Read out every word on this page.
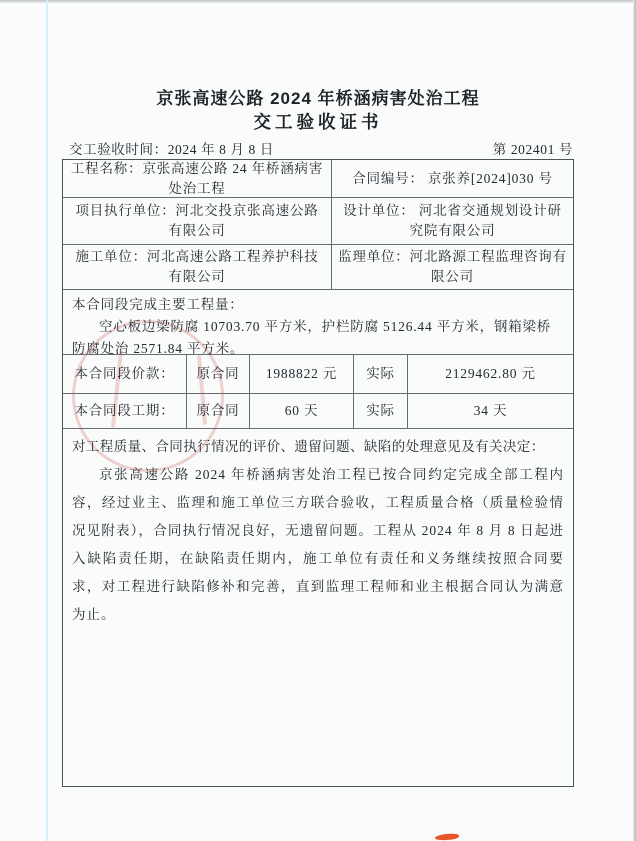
京张高速公路 2024 年桥涵病害处治工程
交工验收证书
交工验收时间：2024 年 8 月 8 日	第 202401 号
工程名称：京张高速公路 24 年桥涵病害处治工程
合同编号： 京张养[2024]030 号
项目执行单位：河北交投京张高速公路有限公司
设计单位： 河北省交通规划设计研究院有限公司
施工单位：河北高速公路工程养护科技有限公司
监理单位：河北路源工程监理咨询有限公司
本合同段完成主要工程量：
空心板边梁防腐 10703.70 平方米，护栏防腐 5126.44 平方米，钢箱梁桥防腐处治 2571.84 平方米。
本合同段价款： 原合同 1988822 元 实际	2129462.80 元
本合同段工期： 原合同	60 天	实际	34 天
对工程质量、合同执行情况的评价、遗留问题、缺陷的处理意见及有关决定：
京张高速公路 2024 年桥涵病害处治工程已按合同约定完成全部工程内容，经过业主、监理和施工单位三方联合验收，工程质量合格（质量检验情况见附表），合同执行情况良好，无遗留问题。工程从 2024 年 8 月 8 日起进入缺陷责任期，在缺陷责任期内，施工单位有责任和义务继续按照合同要求，对工程进行缺陷修补和完善，直到监理工程师和业主根据合同认为满意为止。
